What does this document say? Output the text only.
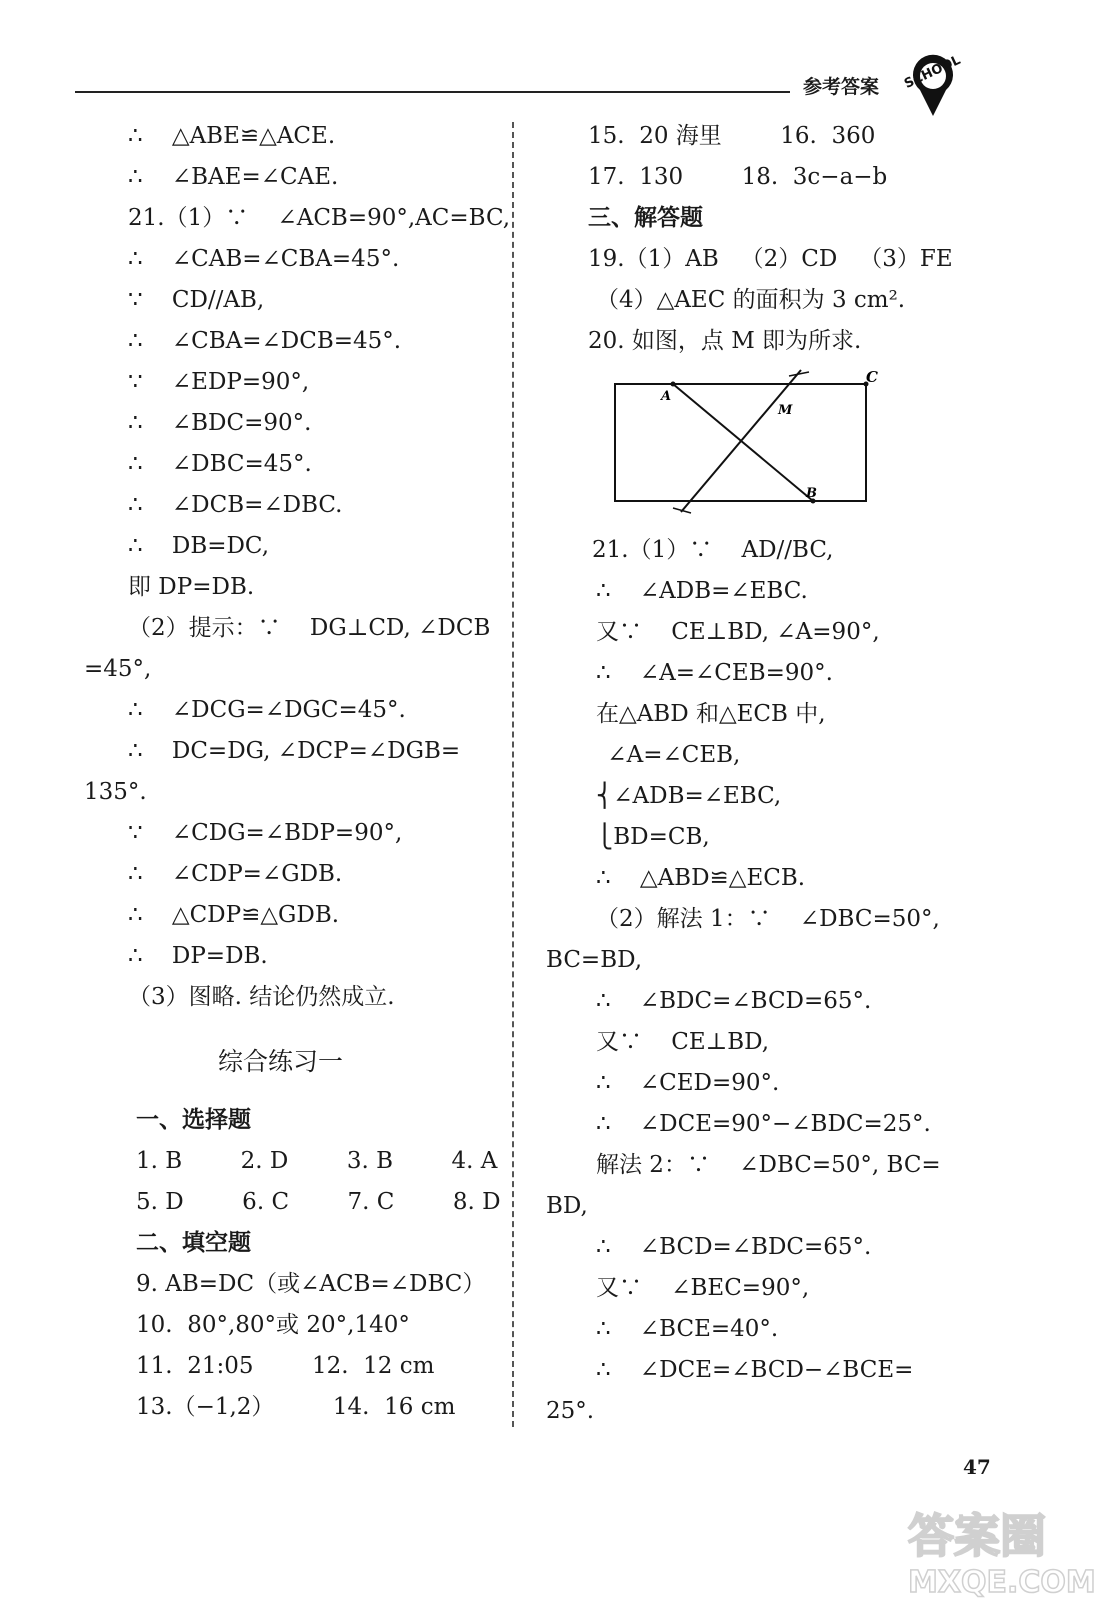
参考答案 SCHOOL
∴    △ABE≌△ACE.
∴    ∠BAE=∠CAE.
21.（1）∵    ∠ACB=90°,AC=BC,
∴    ∠CAB=∠CBA=45°.
∵    CD//AB,
∴    ∠CBA=∠DCB=45°.
∵    ∠EDP=90°,
∴    ∠BDC=90°.
∴    ∠DBC=45°.
∴    ∠DCB=∠DBC.
∴    DB=DC,
即 DP=DB.
（2）提示：∵    DG⊥CD, ∠DCB
=45°,
∴    ∠DCG=∠DGC=45°.
∴    DC=DG, ∠DCP=∠DGB=
135°.
∵    ∠CDG=∠BDP=90°,
∴    ∠CDP=∠GDB.
∴    △CDP≌△GDB.
∴    DP=DB.
（3）图略. 结论仍然成立.
综合练习一
一、选择题
1. B        2. D        3. B        4. A
5. D        6. C        7. C        8. D
二、填空题
9. AB=DC（或∠ACB=∠DBC）
10.  80°,80°或 20°,140°
11.  21:05        12.  12 cm
13.（−1,2）        14.  16 cm
15.  20 海里        16.  360
17.  130        18.  3c−a−b
三、解答题
19.（1）AB   （2）CD   （3）FE
（4）△AEC 的面积为 3 cm².
20. 如图，点 M 即为所求.
21.（1）∵    AD//BC,
∴    ∠ADB=∠EBC.
又∵    CE⊥BD, ∠A=90°,
∴    ∠A=∠CEB=90°.
在△ABD 和△ECB 中,
∠A=∠CEB,
⎨∠ADB=∠EBC,
⎩BD=CB,
∴    △ABD≌△ECB.
（2）解法 1：∵    ∠DBC=50°,
BC=BD,
∴    ∠BDC=∠BCD=65°.
又∵    CE⊥BD,
∴    ∠CED=90°.
∴    ∠DCE=90°−∠BDC=25°.
解法 2：∵    ∠DBC=50°, BC=
BD,
∴    ∠BCD=∠BDC=65°.
又∵    ∠BEC=90°,
∴    ∠BCE=40°.
∴    ∠DCE=∠BCD−∠BCE=
25°.
A
B
C
M
47
答案圈
MXQE.COM
